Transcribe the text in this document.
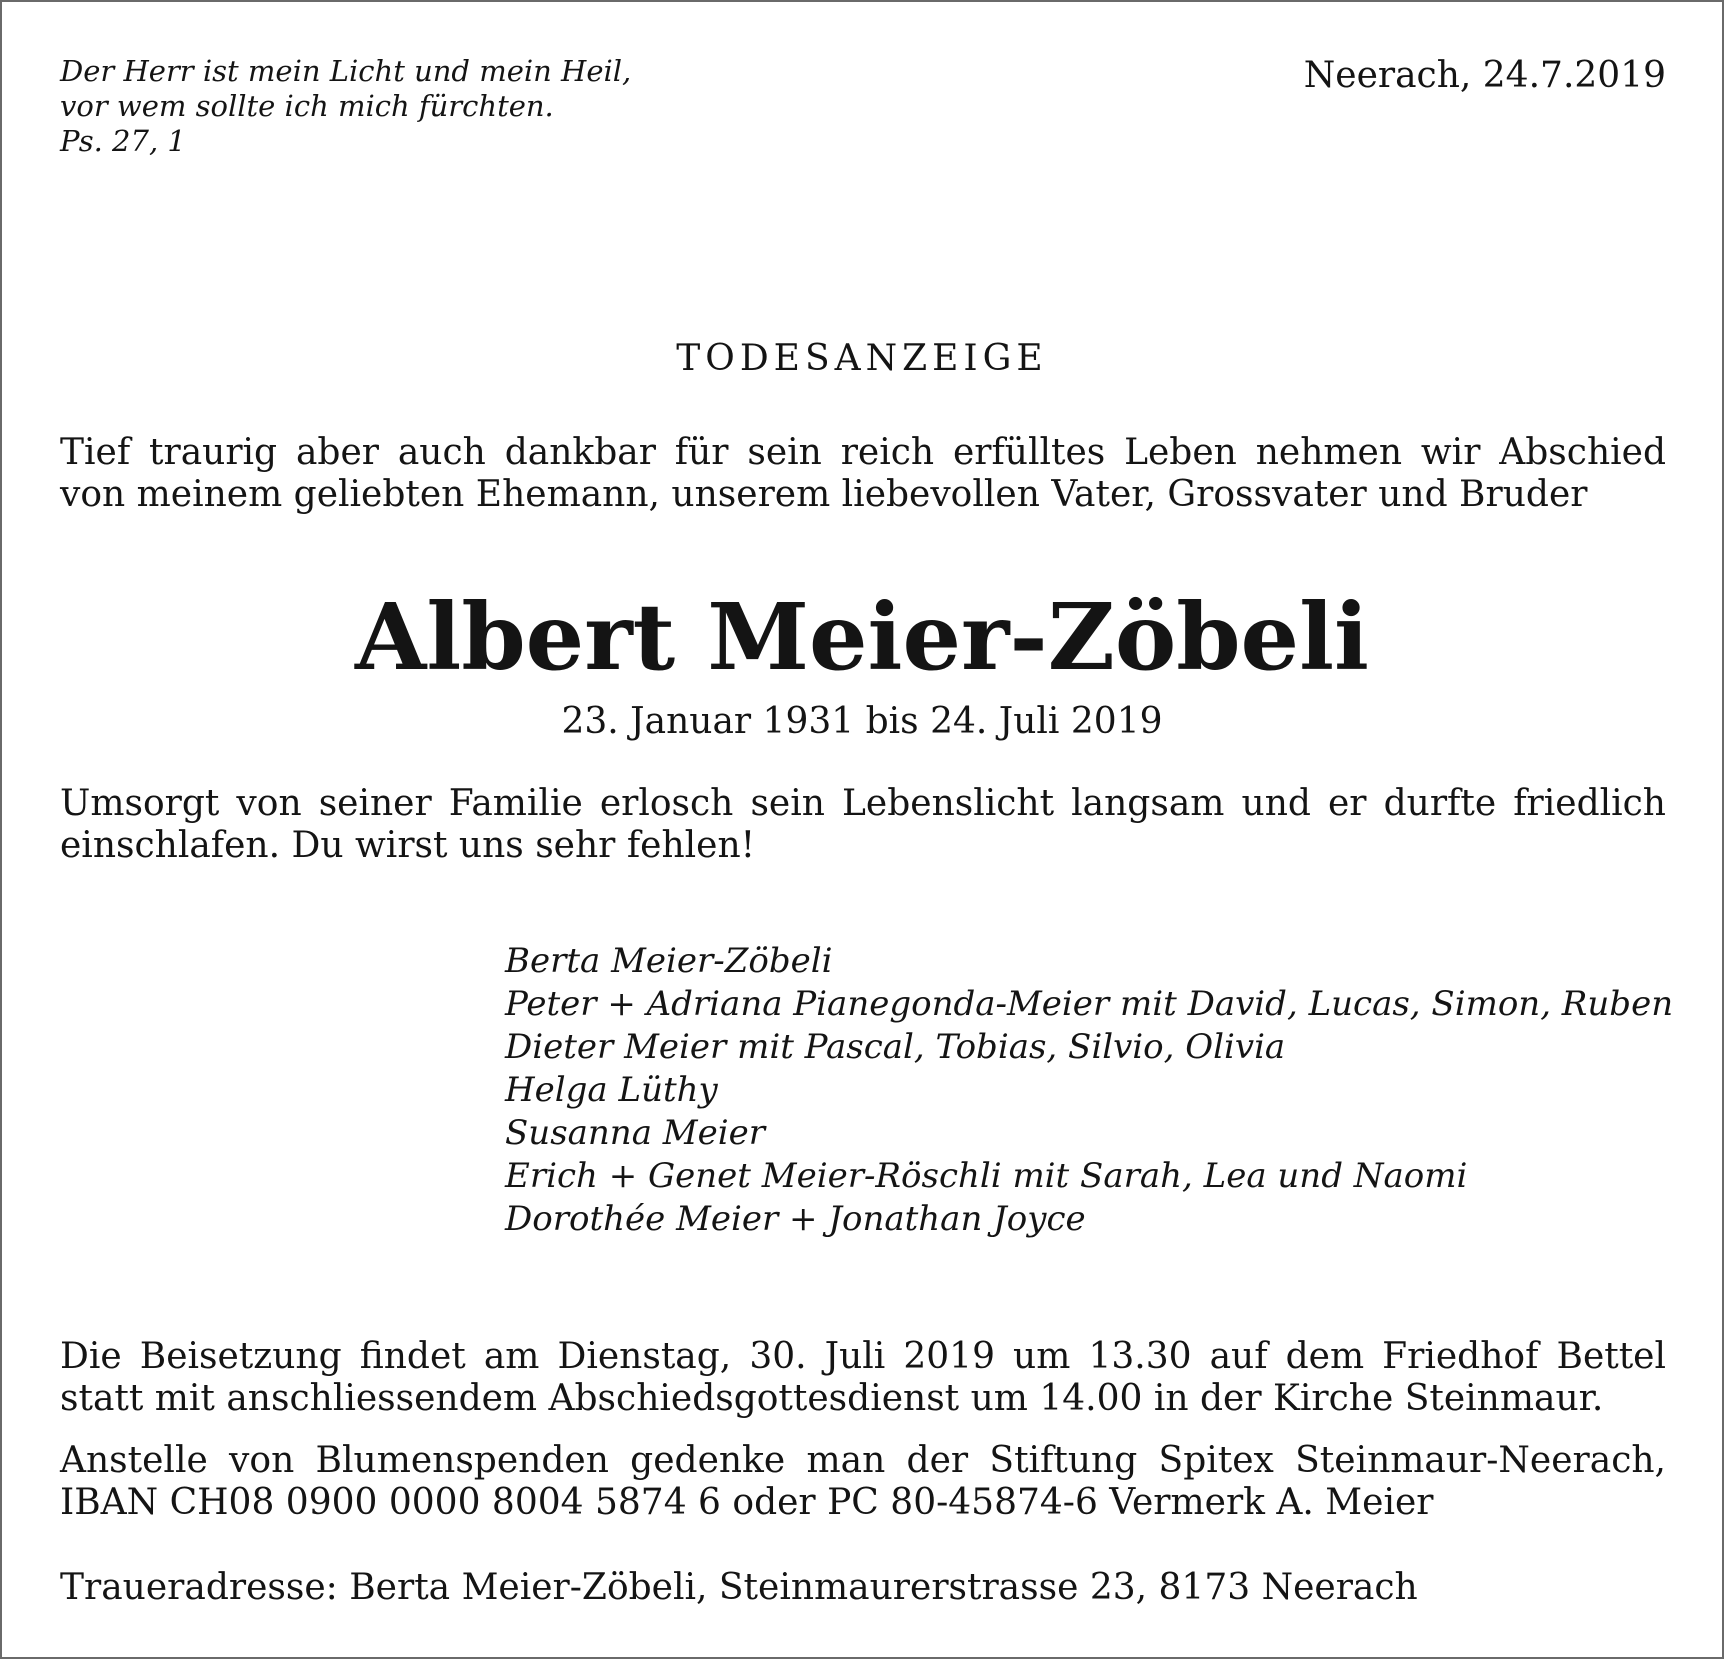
Der Herr ist mein Licht und mein Heil,
vor wem sollte ich mich fürchten.
Ps. 27, 1
Neerach, 24.7.2019
TODESANZEIGE
Tief traurig aber auch dankbar für sein reich erfülltes Leben nehmen wir Abschied
von meinem geliebten Ehemann, unserem liebevollen Vater, Grossvater und Bruder
Albert Meier-Zöbeli
23. Januar 1931 bis 24. Juli 2019
Umsorgt von seiner Familie erlosch sein Lebenslicht langsam und er durfte friedlich
einschlafen. Du wirst uns sehr fehlen!
Berta Meier-Zöbeli
Peter + Adriana Pianegonda-Meier mit David, Lucas, Simon, Ruben
Dieter Meier mit Pascal, Tobias, Silvio, Olivia
Helga Lüthy
Susanna Meier
Erich + Genet Meier-Röschli mit Sarah, Lea und Naomi
Dorothée Meier + Jonathan Joyce
Die Beisetzung findet am Dienstag, 30. Juli 2019 um 13.30 auf dem Friedhof Bettel
statt mit anschliessendem Abschiedsgottesdienst um 14.00 in der Kirche Steinmaur.
Anstelle von Blumenspenden gedenke man der Stiftung Spitex Steinmaur-Neerach,
IBAN CH08 0900 0000 8004 5874 6 oder PC 80-45874-6 Vermerk A. Meier
Traueradresse: Berta Meier-Zöbeli, Steinmaurerstrasse 23, 8173 Neerach
